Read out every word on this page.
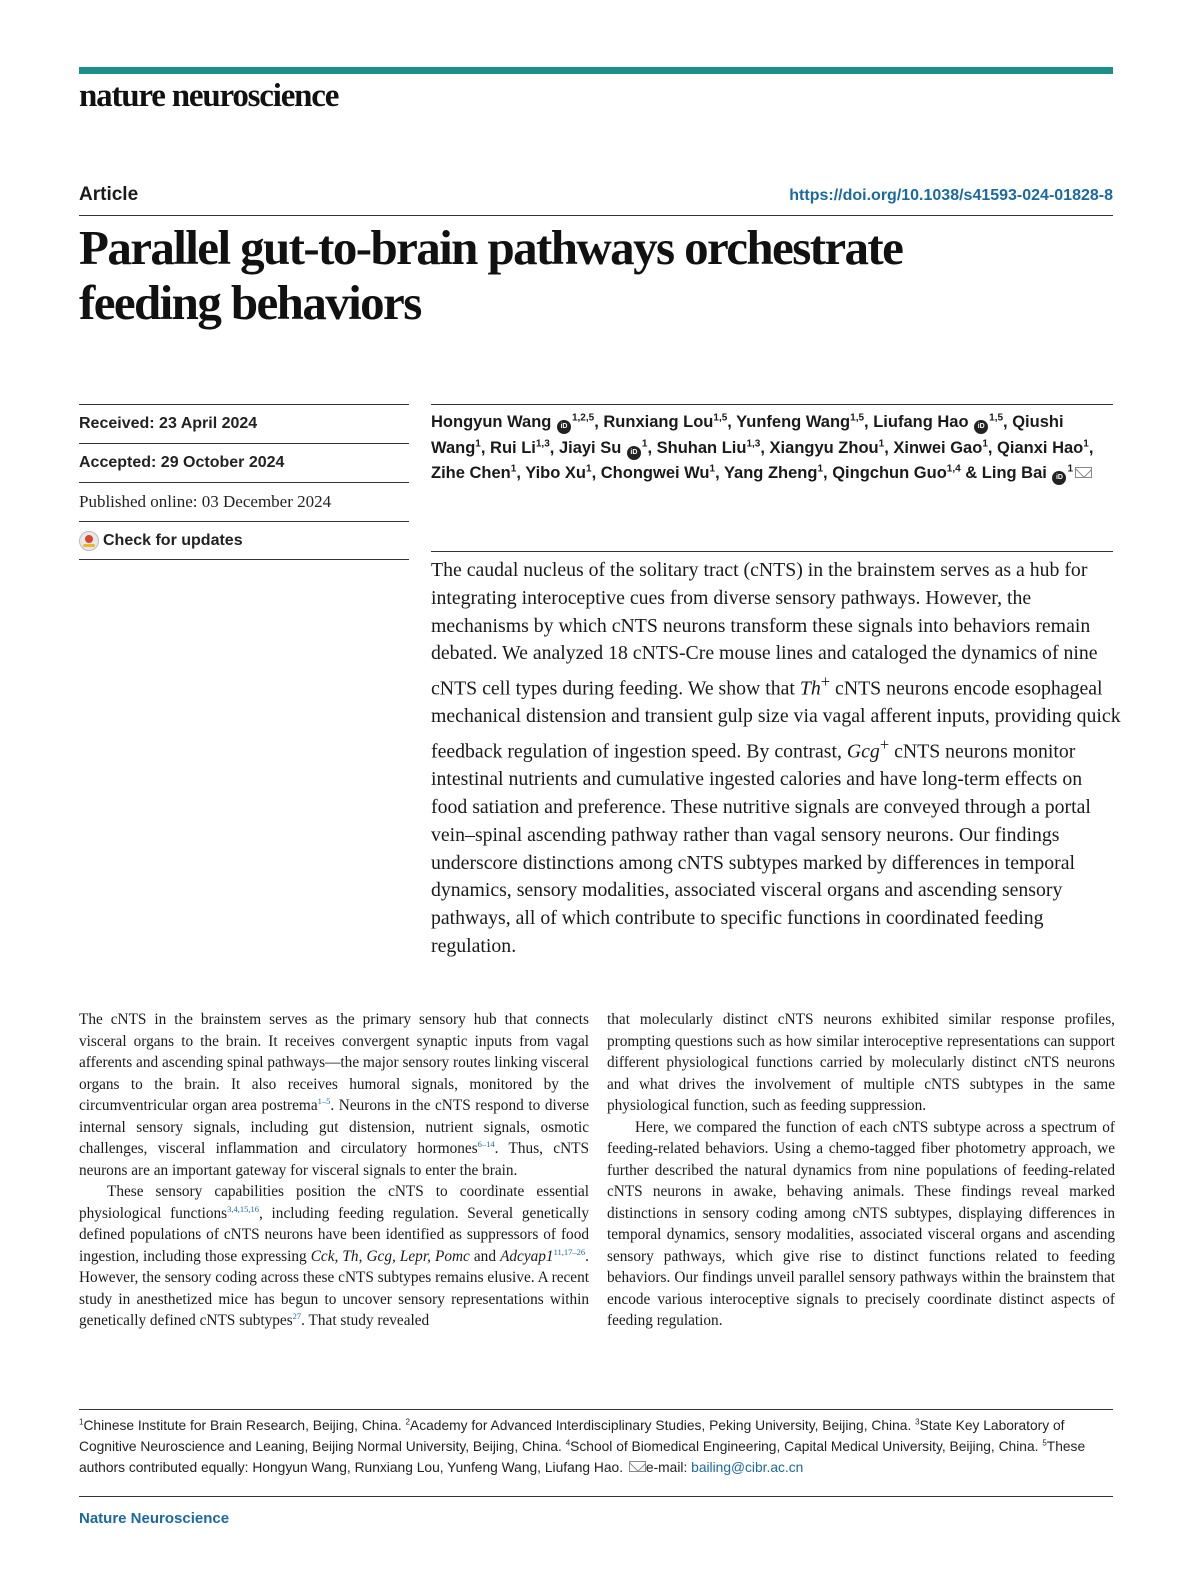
nature neuroscience
Article	https://doi.org/10.1038/s41593-024-01828-8
Parallel gut-to-brain pathways orchestrate
feeding behaviors
Received: 23 April 2024
Accepted: 29 October 2024
Published online: 03 December 2024
Check for updates
Hongyun Wang iD$^{1,2,5}$, Runxiang Lou$^{1,5}$, Yunfeng Wang$^{1,5}$, Liufang Hao iD$^{1,5}$, Qiushi Wang$^1$, Rui Li$^{1,3}$, Jiayi Su $iD^1$, Shuhan Liu$^{1,3}$, Xiangyu Zhou$^1$, Xinwei Gao$^1$, Qianxi Hao$^1$, Zihe Chen$^1$, Yibo Xu$^1$, Chongwei Wu$^1$, Yang Zheng$^1$, Qingchun Guo$^{1,4}$ & Ling Bai $iD^1$
The caudal nucleus of the solitary tract (cNTS) in the brainstem serves as a hub for integrating interoceptive cues from diverse sensory pathways. However, the mechanisms by which cNTS neurons transform these signals into behaviors remain debated. We analyzed 18 cNTS-Cre mouse lines and cataloged the dynamics of nine cNTS cell types during feeding. We show that Th+ cNTS neurons encode esophageal mechanical distension and transient gulp size via vagal afferent inputs, providing quick feedback regulation of ingestion speed. By contrast, Gcg+ cNTS neurons monitor intestinal nutrients and cumulative ingested calories and have long-term effects on food satiation and preference. These nutritive signals are conveyed through a portal vein–spinal ascending pathway rather than vagal sensory neurons. Our findings underscore distinctions among cNTS subtypes marked by differences in temporal dynamics, sensory modalities, associated visceral organs and ascending sensory pathways, all of which contribute to specific functions in coordinated feeding regulation.

The cNTS in the brainstem serves as the primary sensory hub that connects visceral organs to the brain. It receives convergent synaptic inputs from vagal afferents and ascending spinal pathways—the major sensory routes linking visceral organs to the brain. It also receives humoral signals, monitored by the circumventricular organ area postrema$^{1-5}$. Neurons in the cNTS respond to diverse internal sensory signals, including gut distension, nutrient signals, osmotic challenges, visceral inflammation and circulatory hormones$^{6-14}$. Thus, cNTS neurons are an important gateway for visceral signals to enter the brain.

These sensory capabilities position the cNTS to coordinate essential physiological functions$^{3,4,15,16}$, including feeding regulation. Several genetically defined populations of cNTS neurons have been identified as suppressors of food ingestion, including those expressing Cck, Th, Gcg, Lepr, Pomc and Adcyap1$^{11,17-26}$. However, the sensory coding across these cNTS subtypes remains elusive. A recent study in anesthetized mice has begun to uncover sensory representations within genetically defined cNTS subtypes$^{27}$. That study revealed

that molecularly distinct cNTS neurons exhibited similar response profiles, prompting questions such as how similar interoceptive representations can support different physiological functions carried by molecularly distinct cNTS neurons and what drives the involvement of multiple cNTS subtypes in the same physiological function, such as feeding suppression.

Here, we compared the function of each cNTS subtype across a spectrum of feeding-related behaviors. Using a chemo-tagged fiber photometry approach, we further described the natural dynamics from nine populations of feeding-related cNTS neurons in awake, behaving animals. These findings reveal marked distinctions in sensory coding among cNTS subtypes, displaying differences in temporal dynamics, sensory modalities, associated visceral organs and ascending sensory pathways, which give rise to distinct functions related to feeding behaviors. Our findings unveil parallel sensory pathways within the brainstem that encode various interoceptive signals to precisely coordinate distinct aspects of feeding regulation.

$^1$Chinese Institute for Brain Research, Beijing, China. $^2$Academy for Advanced Interdisciplinary Studies, Peking University, Beijing, China. $^3$State Key Laboratory of Cognitive Neuroscience and Leaning, Beijing Normal University, Beijing, China. $^4$School of Biomedical Engineering, Capital Medical University, Beijing, China. $^5$These authors contributed equally: Hongyun Wang, Runxiang Lou, Yunfeng Wang, Liufang Hao. e-mail: bailing@cibr.ac.cn
Nature Neuroscience
